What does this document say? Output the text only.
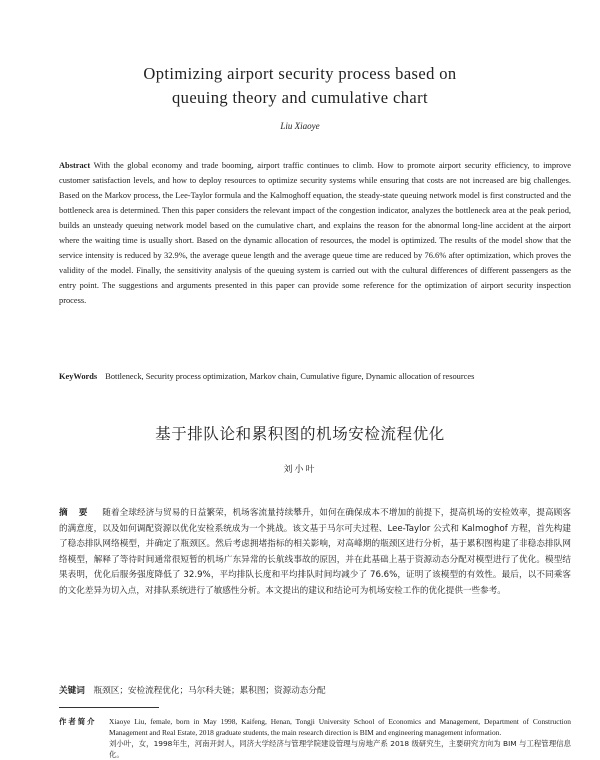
Optimizing airport security process based on
queuing theory and cumulative chart
Liu Xiaoye
Abstract With the global economy and trade booming, airport traffic continues to climb. How to promote airport security efficiency, to improve customer satisfaction levels, and how to deploy resources to optimize security systems while ensuring that costs are not increased are big challenges. Based on the Markov process, the Lee-Taylor formula and the Kalmoghoff equation, the steady-state queuing network model is first constructed and the bottleneck area is determined. Then this paper considers the relevant impact of the congestion indicator, analyzes the bottleneck area at the peak period, builds an unsteady queuing network model based on the cumulative chart, and explains the reason for the abnormal long-line accident at the airport where the waiting time is usually short. Based on the dynamic allocation of resources, the model is optimized. The results of the model show that the service intensity is reduced by 32.9%, the average queue length and the average queue time are reduced by 76.6% after optimization, which proves the validity of the model. Finally, the sensitivity analysis of the queuing system is carried out with the cultural differences of different passengers as the entry point. The suggestions and arguments presented in this paper can provide some reference for the optimization of airport security inspection process.
KeyWords Bottleneck, Security process optimization, Markov chain, Cumulative figure, Dynamic allocation of resources
基于排队论和累积图的机场安检流程优化
刘小叶
摘 要 随着全球经济与贸易的日益繁荣，机场客流量持续攀升，如何在确保成本不增加的前提下，提高机场的安检效率，提高顾客的满意度，以及如何调配资源以优化安检系统成为一个挑战。该文基于马尔可夫过程、Lee-Taylor 公式和 Kalmoghof 方程，首先构建了稳态排队网络模型，并确定了瓶颈区。然后考虑拥堵指标的相关影响，对高峰期的瓶颈区进行分析，基于累积图构建了非稳态排队网络模型，解释了等待时间通常很短暂的机场广东异常的长航线事故的原因，并在此基础上基于资源动态分配对模型进行了优化。模型结果表明，优化后服务强度降低了 32.9%，平均排队长度和平均排队时间均减少了 76.6%，证明了该模型的有效性。最后，以不同乘客的文化差异为切入点，对排队系统进行了敏感性分析。本文提出的建议和结论可为机场安检工作的优化提供一些参考。
关键词 瓶颈区；安检流程优化；马尔科夫链；累积图；资源动态分配
作者简介 Xiaoye Liu, female, born in May 1998, Kaifeng, Henan, Tongji University School of Economics and Management, Department of Construction Management and Real Estate, 2018 graduate students, the main research direction is BIM and engineering management information.
刘小叶，女，1998年生，河南开封人，同济大学经济与管理学院建设管理与房地产系 2018 级研究生，主要研究方向为 BIM 与工程管理信息化。
